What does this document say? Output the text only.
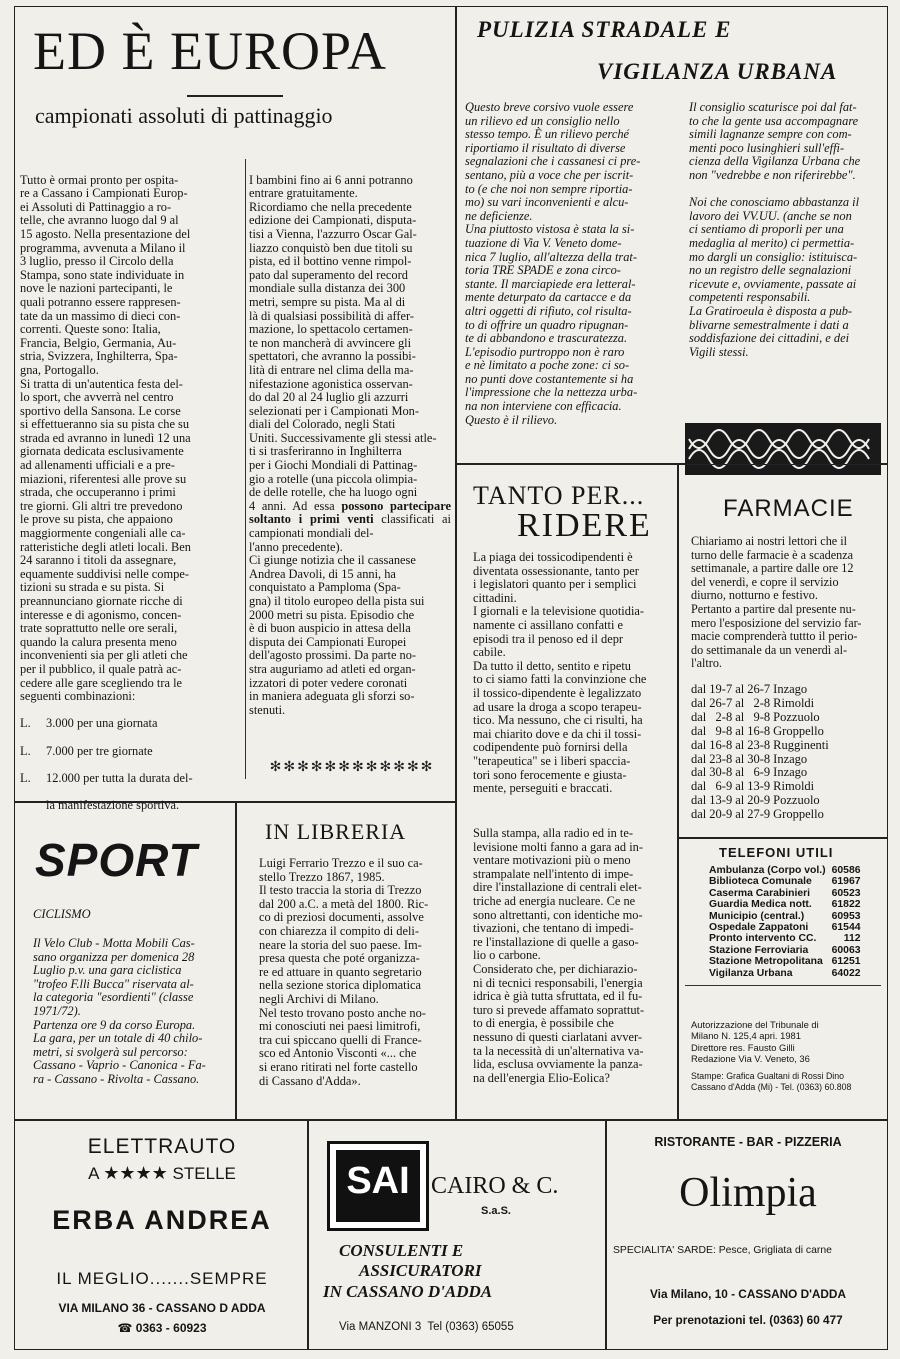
ED È EUROPA
campionati assoluti di pattinaggio

Tutto è ormai pronto per ospita-
re a Cassano i Campionati Europ-
ei Assoluti di Pattinaggio a ro-
telle, che avranno luogo dal 9 al
15 agosto. Nella presentazione del
programma, avvenuta a Milano il
3 luglio, presso il Circolo della
Stampa, sono state individuate in
nove le nazioni partecipanti, le
quali potranno essere rappresen-
tate da un massimo di dieci con-
correnti. Queste sono: Italia,
Francia, Belgio, Germania, Au-
stria, Svizzera, Inghilterra, Spa-
gna, Portogallo.
Si tratta di un'autentica festa del-
lo sport, che avverrà nel centro
sportivo della Sansona. Le corse
si effettueranno sia su pista che su
strada ed avranno in lunedì 12 una
giornata dedicata esclusivamente
ad allenamenti ufficiali e a pre-
miazioni, riferentesi alle prove su
strada, che occuperanno i primi
tre giorni. Gli altri tre prevedono
le prove su pista, che appaiono
maggiormente congeniali alle ca-
ratteristiche degli atleti locali. Ben
24 saranno i titoli da assegnare,
equamente suddivisi nelle compe-
tizioni su strada e su pista. Si
preannunciano giornate ricche di
interesse e di agonismo, concen-
trate soprattutto nelle ore serali,
quando la calura presenta meno
inconvenienti sia per gli atleti che
per il pubblico, il quale patrà ac-
cedere alle gare scegliendo tra le
seguenti combinazioni:

L. 3.000 per una giornata

L. 7.000 per tre giornate

L. 12.000 per tutta la durata del-

la manifestazione sportiva.

I bambini fino ai 6 anni potranno
entrare gratuitamente.
Ricordiamo che nella precedente
edizione dei Campionati, disputa-
tisi a Vienna, l'azzurro Oscar Gal-
liazzo conquistò ben due titoli su
pista, ed il bottino venne rimpol-
pato dal superamento del record
mondiale sulla distanza dei 300
metri, sempre su pista. Ma al di
là di qualsiasi possibilità di affer-
mazione, lo spettacolo certamen-
te non mancherà di avvincere gli
spettatori, che avranno la possibi-
lità di entrare nel clima della ma-
nifestazione agonistica osservan-
do dal 20 al 24 luglio gli azzurri
selezionati per i Campionati Mon-
diali del Colorado, negli Stati
Uniti. Successivamente gli stessi atle-
ti si trasferiranno in Inghilterra
per i Giochi Mondiali di Pattinag-
gio a rotelle (una piccola olimpia-
de delle rotelle, che ha luogo ogni
4 anni. Ad essa possono partecipare soltanto i primi venti classificati ai campionati mondiali del-
l'anno precedente).
Ci giunge notizia che il cassanese
Andrea Davoli, di 15 anni, ha
conquistato a Pamploma (Spa-
gna) il titolo europeo della pista sui
2000 metri su pista. Episodio che
è di buon auspicio in attesa della
disputa dei Campionati Europei
dell'agosto prossimi. Da parte no-
stra auguriamo ad atleti ed organ-
izzatori di poter vedere coronati
in maniera adeguata gli sforzi so-
stenuti.

✻ ✻ ✻ ✻ ✻ ✻ ✻ ✻ ✻ ✻ ✻ ✻
PULIZIA STRADALE E
VIGILANZA URBANA
Questo breve corsivo vuole essere
un rilievo ed un consiglio nello
stesso tempo. È un rilievo perché
riportiamo il risultato di diverse
segnalazioni che i cassanesi ci pre-
sentano, più a voce che per iscrit-
to (e che noi non sempre riportia-
mo) su vari inconvenienti e alcu-
ne deficienze.
Una piuttosto vistosa è stata la si-
tuazione di Via V. Veneto dome-
nica 7 luglio, all'altezza della trat-
toria TRE SPADE e zona circo-
stante. Il marciapiede era letteral-
mente deturpato da cartacce e da
altri oggetti di rifiuto, col risulta-
to di offrire un quadro ripugnan-
te di abbandono e trascuratezza.
L'episodio purtroppo non è raro
e nè limitato a poche zone: ci so-
no punti dove costantemente si ha
l'impressione che la nettezza urba-
na non interviene con efficacia.
Questo è il rilievo.
Il consiglio scaturisce poi dal fat-
to che la gente usa accompagnare
simili lagnanze sempre con com-
menti poco lusinghieri sull'effi-
cienza della Vigilanza Urbana che
non "vedrebbe e non riferirebbe".

Noi che conosciamo abbastanza il
lavoro dei VV.UU. (anche se non
ci sentiamo di proporli per una
medaglia al merito) ci permettia-
mo dargli un consiglio: istituisca-
no un registro delle segnalazioni
ricevute e, ovviamente, passate ai
competenti responsabili.
La Gratiroeula è disposta a pub-
blivarne semestralmente i dati a
soddisfazione dei cittadini, e dei
Vigili stessi.
TANTO PER...
RIDERE
La piaga dei tossicodipendenti è
diventata ossessionante, tanto per
i legislatori quanto per i semplici
cittadini.
I giornali e la televisione quotidia-
namente ci assillano confatti e
episodi tra il penoso ed il depr
cabile.
Da tutto il detto, sentito e ripetu
to ci siamo fatti la convinzione che
il tossico-dipendente è legalizzato
ad usare la droga a scopo terapeu-
tico. Ma nessuno, che ci risulti, ha
mai chiarito dove e da chi il tossi-
codipendente può fornirsi della
"terapeutica" se i liberi spaccia-
tori sono ferocemente e giusta-
mente, perseguiti e braccati.
Sulla stampa, alla radio ed in te-
levisione molti fanno a gara ad in-
ventare motivazioni più o meno
strampalate nell'intento di impe-
dire l'installazione di centrali elet-
triche ad energia nucleare. Ce ne
sono altrettanti, con identiche mo-
tivazioni, che tentano di impedi-
re l'installazione di quelle a gaso-
lio o carbone.
Considerato che, per dichiarazio-
ni di tecnici responsabili, l'energia
idrica è già tutta sfruttata, ed il fu-
turo si prevede affamato soprattut-
to di energia, è possibile che
nessuno di questi ciarlatani avver-
ta la necessità di un'alternativa va-
lida, esclusa ovviamente la panza-
na dell'energia Elio-Eolica?
FARMACIE
Chiariamo ai nostri lettori che il
turno delle farmacie è a scadenza
settimanale, a partire dalle ore 12
del venerdì, e copre il servizio
diurno, notturno e festivo.
Pertanto a partire dal presente nu-
mero l'esposizione del servizio far-
macie comprenderà tuttto il perio-
do settimanale da un venerdì al-
l'altro.
dal	19-7	al	26-7	Inzago
dal	26-7	al	2-8	Rimoldi
dal	2-8	al	9-8	Pozzuolo
dal	9-8	al	16-8	Groppello
dal	16-8	al	23-8	Rugginenti
dal	23-8	al	30-8	Inzago
dal	30-8	al	6-9	Inzago
dal	6-9	al	13-9	Rimoldi
dal	13-9	al	20-9	Pozzuolo
dal	20-9	al	27-9	Groppello
TELEFONI UTILI
Ambulanza (Corpo vol.)	60586
Biblioteca Comunale	61967
Caserma Carabinieri	60523
Guardia Medica nott.	61822
Municipio (central.)	60953
Ospedale Zappatoni	61544
Pronto intervento CC.	112
Stazione Ferroviaria	60063
Stazione Metropolitana	61251
Vigilanza Urbana	64022
Autorizzazione del Tribunale di
Milano N. 125,4 apri. 1981
Direttore res. Fausto Gilli
Redazione Via V. Veneto, 36
Stampe: Grafica Gualtani di Rossi Dino
Cassano d'Adda (Mi) - Tel. (0363) 60.808
SPORT
CICLISMO
Il Velo Club - Motta Mobili Cas-
sano organizza per domenica 28
Luglio p.v. una gara ciclistica
"trofeo F.lli Bucca" riservata al-
la categoria "esordienti" (classe
1971/72).
Partenza ore 9 da corso Europa.
La gara, per un totale di 40 chilo-
metri, si svolgerà sul percorso:
Cassano - Vaprio - Canonica - Fa-
ra - Cassano - Rivolta - Cassano.
IN LIBRERIA
Luigi Ferrario Trezzo e il suo ca-
stello Trezzo 1867, 1985.
Il testo traccia la storia di Trezzo
dal 200 a.C. a metà del 1800. Ric-
co di preziosi documenti, assolve
con chiarezza il compito di deli-
neare la storia del suo paese. Im-
presa questa che poté organizza-
re ed attuare in quanto segretario
nella sezione storica diplomatica
negli Archivi di Milano.
Nel testo trovano posto anche no-
mi conosciuti nei paesi limitrofi,
tra cui spiccano quelli di France-
sco ed Antonio Visconti «... che
si erano ritirati nel forte castello
di Cassano d'Adda».
ELETTRAUTO
A ★★★★ STELLE
ERBA ANDREA
IL MEGLIO.......SEMPRE
VIA MILANO 36 - CASSANO D ADDA
☎ 0363 - 60923
SAI CAIRO & C.
S.a.S.
CONSULENTI E
ASSICURATORI
IN CASSANO D'ADDA
Via MANZONI 3  Tel (0363) 65055
RISTORANTE - BAR - PIZZERIA
Olimpia
SPECIALITA' SARDE: Pesce, Grigliata di carne
Via Milano, 10 - CASSANO D'ADDA
Per prenotazioni tel. (0363) 60 477
